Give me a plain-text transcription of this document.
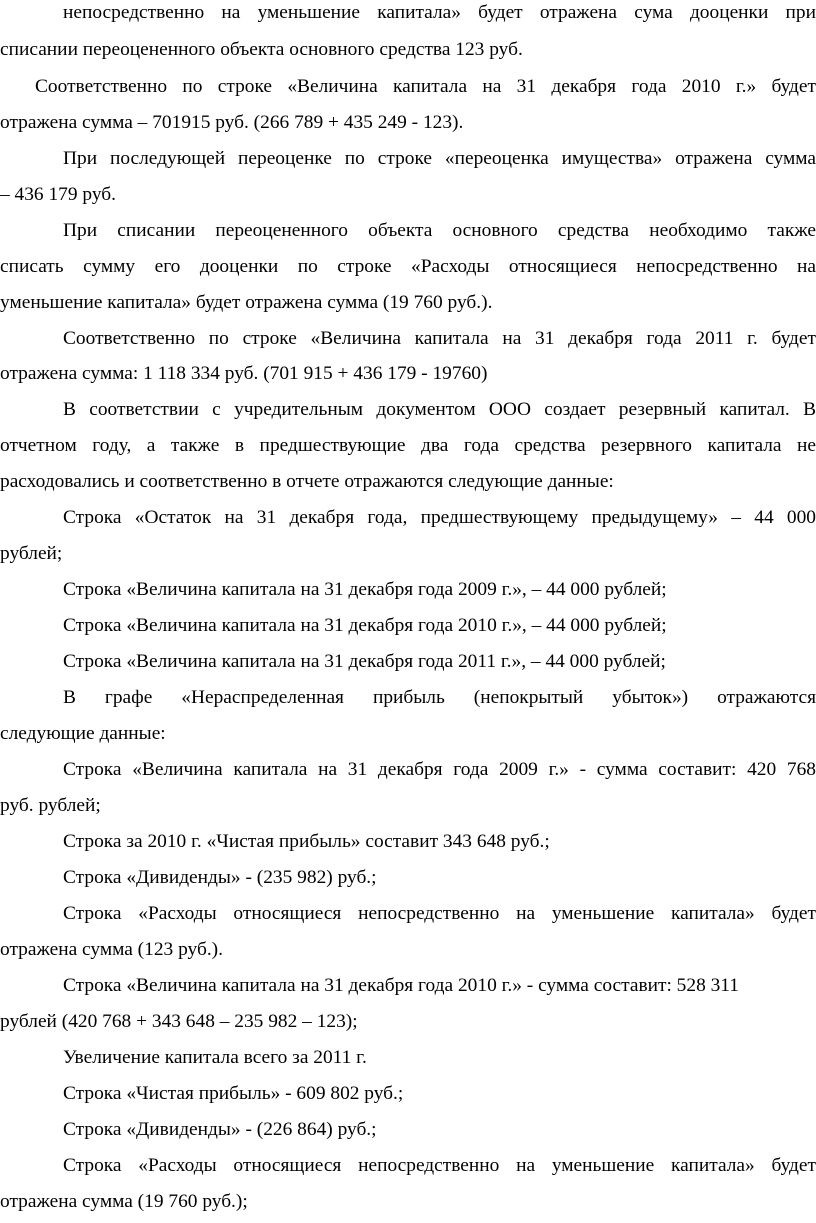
непосредственно на уменьшение капитала» будет отражена сума дооценки при
списании переоцененного объекта основного средства 123 руб.
Соответственно по строке «Величина капитала на 31 декабря года 2010 г.» будет
отражена сумма – 701915 руб. (266 789 + 435 249 - 123).
При последующей переоценке по строке «переоценка имущества» отражена сумма
– 436 179 руб.
При списании переоцененного объекта основного средства необходимо также
списать сумму его дооценки по строке «Расходы относящиеся непосредственно на
уменьшение капитала» будет отражена сумма (19 760 руб.).
Соответственно по строке «Величина капитала на 31 декабря года 2011 г. будет
отражена сумма: 1 118 334 руб. (701 915 + 436 179 - 19760)
В соответствии с учредительным документом ООО создает резервный капитал. В
отчетном году, а также в предшествующие два года средства резервного капитала не
расходовались и соответственно в отчете отражаются следующие данные:
Строка «Остаток на 31 декабря года, предшествующему предыдущему» – 44 000
рублей;
Строка «Величина капитала на 31 декабря года 2009 г.», – 44 000 рублей;
Строка «Величина капитала на 31 декабря года 2010 г.», – 44 000 рублей;
Строка «Величина капитала на 31 декабря года 2011 г.», – 44 000 рублей;
В графе «Нераспределенная прибыль (непокрытый убыток») отражаются
следующие данные:
Строка «Величина капитала на 31 декабря года 2009 г.» - сумма составит: 420 768
руб. рублей;
Строка за 2010 г. «Чистая прибыль» составит 343 648 руб.;
Строка «Дивиденды» - (235 982) руб.;
Строка «Расходы относящиеся непосредственно на уменьшение капитала» будет
отражена сумма (123 руб.).
Строка «Величина капитала на 31 декабря года 2010 г.» - сумма составит: 528 311
рублей (420 768 + 343 648 – 235 982 – 123);
Увеличение капитала всего за 2011 г.
Строка «Чистая прибыль» - 609 802 руб.;
Строка «Дивиденды» - (226 864) руб.;
Строка «Расходы относящиеся непосредственно на уменьшение капитала» будет
отражена сумма (19 760 руб.);
